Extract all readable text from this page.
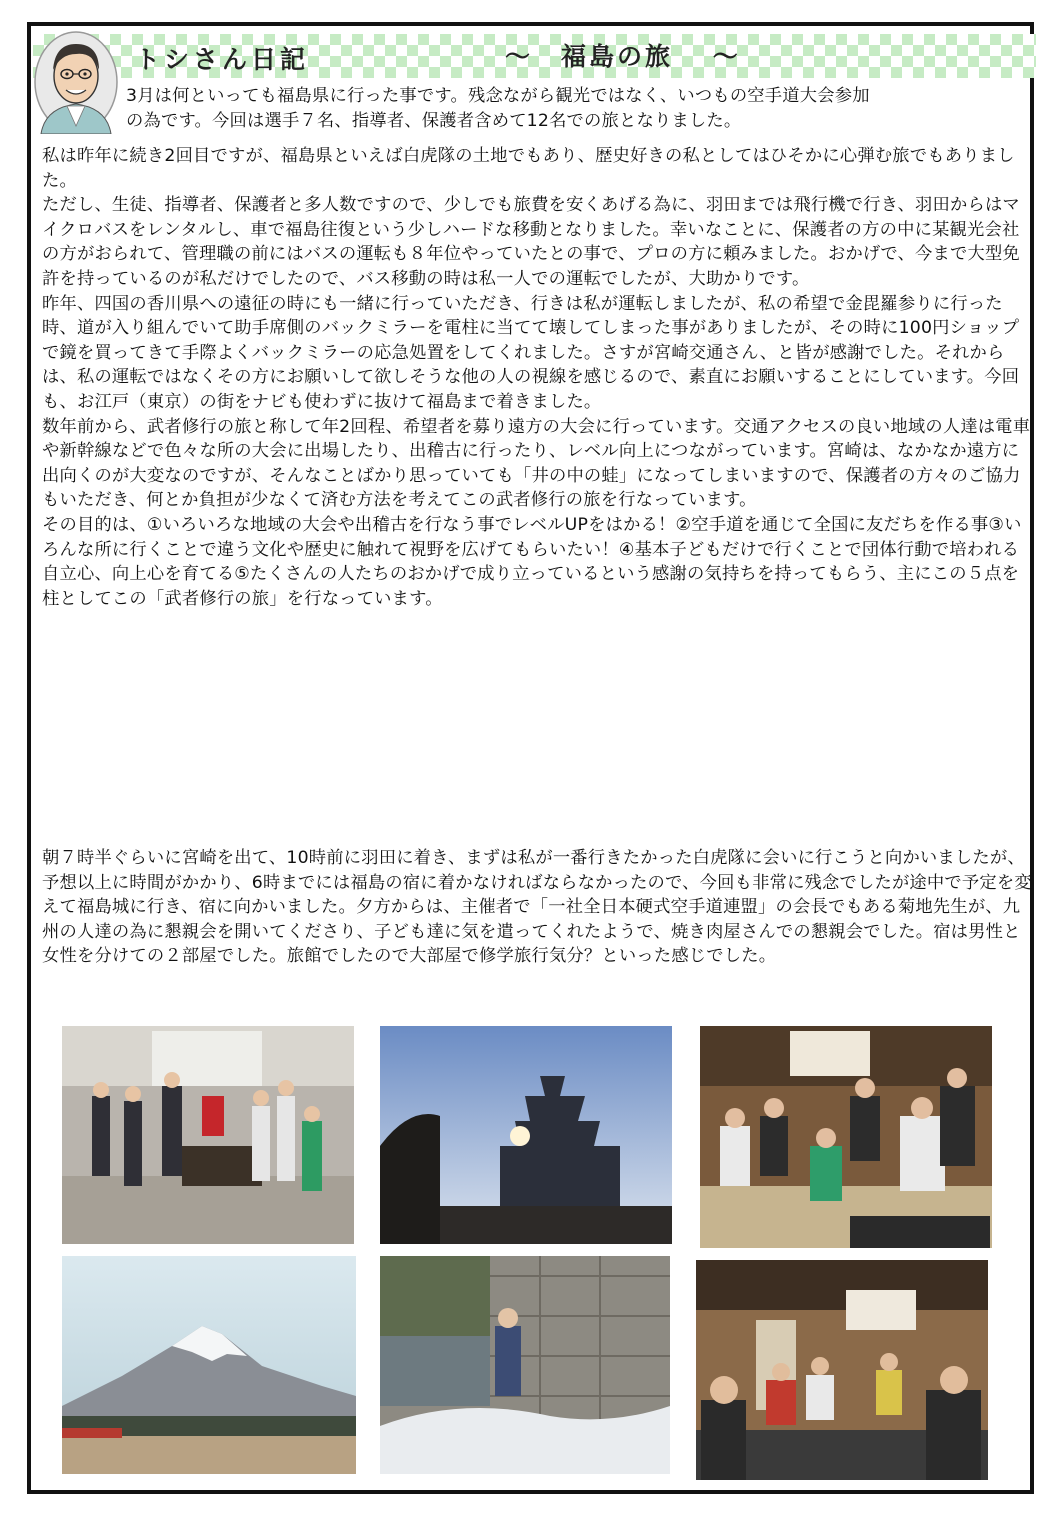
トシさん日記	～　福島の旅　 ～
3月は何といっても福島県に行った事です。残念ながら観光ではなく、いつもの空手道大会参加
の為です。今回は選手７名、指導者、保護者含めて12名での旅となりました。

私は昨年に続き2回目ですが、福島県といえば白虎隊の土地でもあり、歴史好きの私としてはひそかに心弾む旅でもありました。

ただし、生徒、指導者、保護者と多人数ですので、少しでも旅費を安くあげる為に、羽田までは飛行機で行き、羽田からはマイクロバスをレンタルし、車で福島往復という少しハードな移動となりました。幸いなことに、保護者の方の中に某観光会社の方がおられて、管理職の前にはバスの運転も８年位やっていたとの事で、プロの方に頼みました。おかげで、今まで大型免許を持っているのが私だけでしたので、バス移動の時は私一人での運転でしたが、大助かりです。

昨年、四国の香川県への遠征の時にも一緒に行っていただき、行きは私が運転しましたが、私の希望で金毘羅参りに行った時、道が入り組んでいて助手席側のバックミラーを電柱に当てて壊してしまった事がありましたが、その時に100円ショップで鏡を買ってきて手際よくバックミラーの応急処置をしてくれました。さすが宮崎交通さん、と皆が感謝でした。それからは、私の運転ではなくその方にお願いして欲しそうな他の人の視線を感じるので、素直にお願いすることにしています。今回も、お江戸（東京）の街をナビも使わずに抜けて福島まで着きました。

数年前から、武者修行の旅と称して年2回程、希望者を募り遠方の大会に行っています。交通アクセスの良い地域の人達は電車や新幹線などで色々な所の大会に出場したり、出稽古に行ったり、レベル向上につながっています。宮崎は、なかなか遠方に出向くのが大変なのですが、そんなことばかり思っていても「井の中の蛙」になってしまいますので、保護者の方々のご協力もいただき、何とか負担が少なくて済む方法を考えてこの武者修行の旅を行なっています。

その目的は、①いろいろな地域の大会や出稽古を行なう事でレベルUPをはかる！②空手道を通じて全国に友だちを作る事③いろんな所に行くことで違う文化や歴史に触れて視野を広げてもらいたい！④基本子どもだけで行くことで団体行動で培われる自立心、向上心を育てる⑤たくさんの人たちのおかげで成り立っているという感謝の気持ちを持ってもらう、主にこの５点を柱としてこの「武者修行の旅」を行なっています。

朝７時半ぐらいに宮崎を出て、10時前に羽田に着き、まずは私が一番行きたかった白虎隊に会いに行こうと向かいましたが、予想以上に時間がかかり、6時までには福島の宿に着かなければならなかったので、今回も非常に残念でしたが途中で予定を変えて福島城に行き、宿に向かいました。夕方からは、主催者で「一社全日本硬式空手道連盟」の会長でもある菊地先生が、九州の人達の為に懇親会を開いてくださり、子ども達に気を遣ってくれたようで、焼き肉屋さんでの懇親会でした。宿は男性と女性を分けての２部屋でした。旅館でしたので大部屋で修学旅行気分？といった感じでした。
